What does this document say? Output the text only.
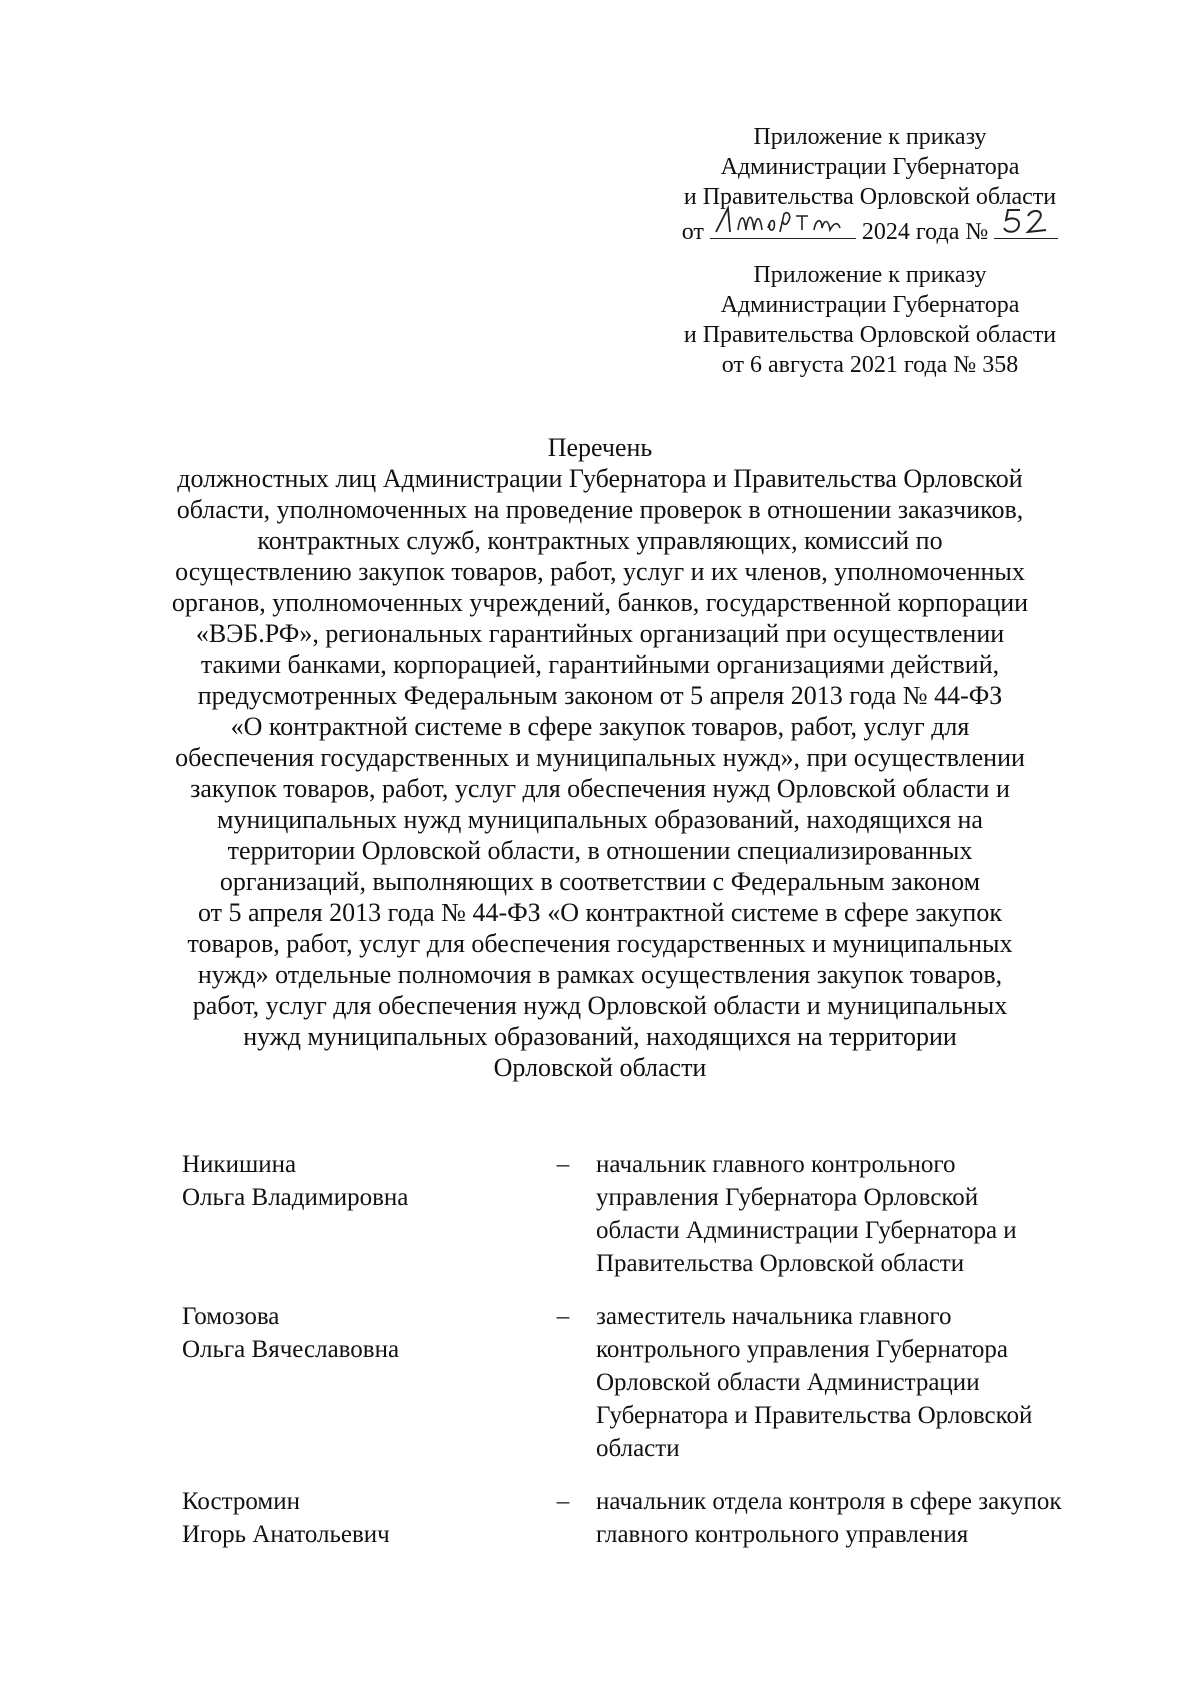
Приложение к приказу
Администрации Губернатора
и Правительства Орловской области
от	2024 года №
Приложение к приказу
Администрации Губернатора
и Правительства Орловской области
от 6 августа 2021 года № 358
Перечень
должностных лиц Администрации Губернатора и Правительства Орловской
области, уполномоченных на проведение проверок в отношении заказчиков,
контрактных служб, контрактных управляющих, комиссий по
осуществлению закупок товаров, работ, услуг и их членов, уполномоченных
органов, уполномоченных учреждений, банков, государственной корпорации
«ВЭБ.РФ», региональных гарантийных организаций при осуществлении
такими банками, корпорацией, гарантийными организациями действий,
предусмотренных Федеральным законом от 5 апреля 2013 года № 44-ФЗ
«О контрактной системе в сфере закупок товаров, работ, услуг для
обеспечения государственных и муниципальных нужд», при осуществлении
закупок товаров, работ, услуг для обеспечения нужд Орловской области и
муниципальных нужд муниципальных образований, находящихся на
территории Орловской области, в отношении специализированных
организаций, выполняющих в соответствии с Федеральным законом
от 5 апреля 2013 года № 44-ФЗ «О контрактной системе в сфере закупок
товаров, работ, услуг для обеспечения государственных и муниципальных
нужд» отдельные полномочия в рамках осуществления закупок товаров,
работ, услуг для обеспечения нужд Орловской области и муниципальных
нужд муниципальных образований, находящихся на территории
Орловской области
Никишина
Ольга Владимировна
–	начальник главного контрольного
управления Губернатора Орловской
области Администрации Губернатора и
Правительства Орловской области
Гомозова
Ольга Вячеславовна
–	заместитель начальника главного
контрольного управления Губернатора
Орловской области Администрации
Губернатора и Правительства Орловской
области
Костромин
Игорь Анатольевич
–	начальник отдела контроля в сфере закупок
главного контрольного управления
